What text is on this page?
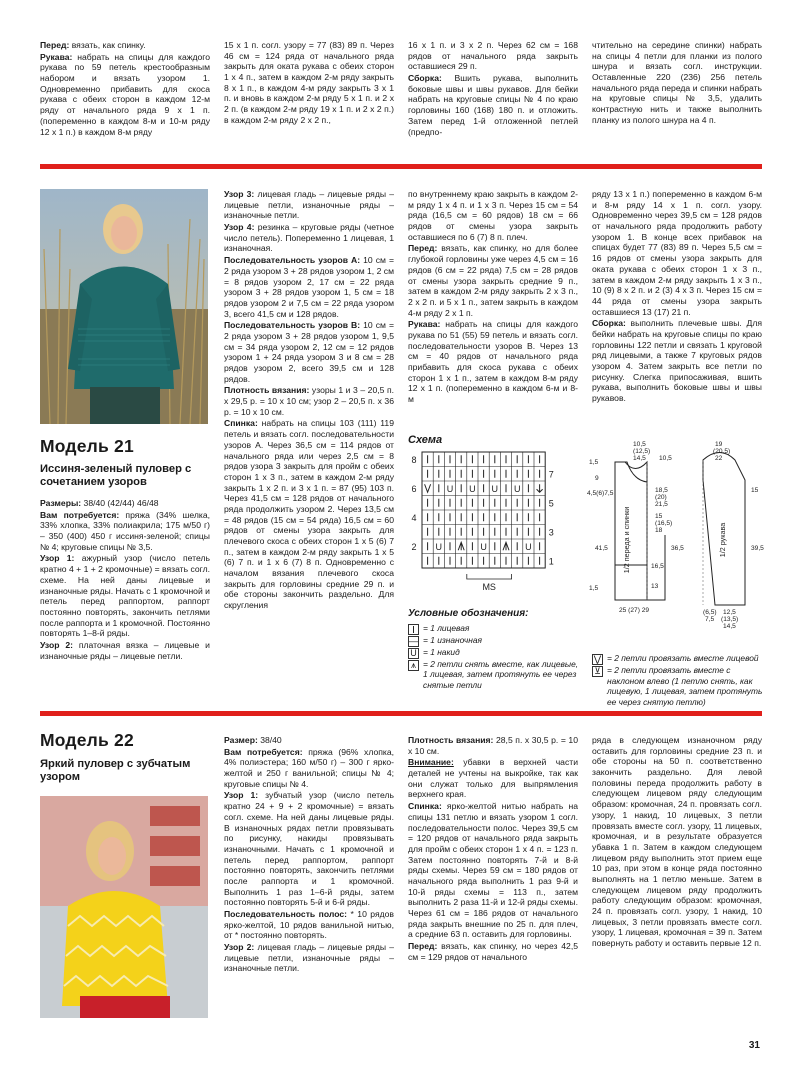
Перед: вязать, как спинку.

Рукава: набрать на спицы для каждого рукава по 59 петель крестообразным набором и вязать узором 1. Одновременно прибавить для скоса рукава с обеих сторон в каждом 12-м ряду от начального ряда 9 х 1 п. (попеременно в каждом 8-м и 10-м ряду 12 х 1 п.) в каждом 8-м ряду

15 х 1 п. согл. узору = 77 (83) 89 п. Через 46 см = 124 ряда от начального ряда закрыть для оката рукава с обеих сторон 1 х 4 п., затем в каждом 2-м ряду закрыть 8 х 1 п., в каждом 4-м ряду закрыть 3 х 1 п. и вновь в каждом 2-м ряду 5 х 1 п. и 2 х 2 п. (в каждом 2-м ряду 19 х 1 п. и 2 х 2 п.) в каждом 2-м ряду 2 х 2 п.,

16 х 1 п. и 3 х 2 п. Через 62 см = 168 рядов от начального ряда закрыть оставшиеся 29 п.

Сборка: Вшить рукава, выполнить боковые швы и швы рукавов. Для бейки набрать на круговые спицы № 4 по краю горловины 160 (168) 180 п. и отложить. Затем перед 1-й отложенной петлей (предпо-

чтительно на середине спинки) набрать на спицы 4 петли для планки из полого шнура и вязать согл. инструкции. Оставленные 220 (236) 256 петель начального ряда переда и спинки набрать на круговые спицы № 3,5, удалить контрастную нить и также выполнить планку из полого шнура на 4 п.
Модель 21
Иссиня-зеленый пуловер с сочетанием узоров

Размеры: 38/40 (42/44) 46/48

Вам потребуется: пряжа (34% шелка, 33% хлопка, 33% полиакрила; 175 м/50 г) – 350 (400) 450 г иссиня-зеленой; спицы № 4; круговые спицы № 3,5.

Узор 1: ажурный узор (число петель кратно 4 + 1 + 2 кромочные) = вязать согл. схеме. На ней даны лицевые и изнаночные ряды. Начать с 1 кромочной и петель перед раппортом, раппорт постоянно повторять, закончить петлями после раппорта и 1 кромочной. Постоянно повторять 1–8-й ряды.

Узор 2: платочная вязка – лицевые и изнаночные ряды – лицевые петли.

Узор 3: лицевая гладь – лицевые ряды – лицевые петли, изнаночные ряды – изнаночные петли.

Узор 4: резинка – круговые ряды (четное число петель). Попеременно 1 лицевая, 1 изнаночная.

Последовательность узоров А: 10 см = 2 ряда узором 3 + 28 рядов узором 1, 2 см = 8 рядов узором 2, 17 см = 22 ряда узором 3 + 28 рядов узором 1, 5 см = 18 рядов узором 2 и 7,5 см = 22 ряда узором 3, всего 41,5 см и 128 рядов.

Последовательность узоров В: 10 см = 2 ряда узором 3 + 28 рядов узором 1, 9,5 см = 34 ряда узором 2, 12 см = 12 рядов узором 1 + 24 ряда узором 3 и 8 см = 28 рядов узором 2, всего 39,5 см и 128 рядов.

Плотность вязания: узоры 1 и 3 – 20,5 п. х 29,5 р. = 10 х 10 см; узор 2 – 20,5 п. х 36 р. = 10 х 10 см.

Спинка: набрать на спицы 103 (111) 119 петель и вязать согл. последовательности узоров А. Через 36,5 см = 114 рядов от начального ряда или через 2,5 см = 8 рядов узора 3 закрыть для пройм с обеих сторон 1 х 3 п., затем в каждом 2-м ряду закрыть 1 х 2 п. и 3 х 1 п. = 87 (95) 103 п. Через 41,5 см = 128 рядов от начального ряда продолжить узором 2. Через 13,5 см = 48 рядов (15 см = 54 ряда) 16,5 см = 60 рядов от смены узора закрыть для плечевого скоса с обеих сторон 1 х 5 (6) 7 п., затем в каждом 2-м ряду закрыть 1 х 5 (6) 7 п. и 1 х 6 (7) 8 п. Одновременно с началом вязания плечевого скоса закрыть для горловины средние 29 п. и обе стороны закончить раздельно. Для скругления

по внутреннему краю закрыть в каждом 2-м ряду 1 х 4 п. и 1 х 3 п. Через 15 см = 54 ряда (16,5 см = 60 рядов) 18 см = 66 рядов от смены узора закрыть оставшиеся по 6 (7) 8 п. плеч.

Перед: вязать, как спинку, но для более глубокой горловины уже через 4,5 см = 16 рядов (6 см = 22 ряда) 7,5 см = 28 рядов от смены узора закрыть средние 9 п., затем в каждом 2-м ряду закрыть 2 х 3 п., 2 х 2 п. и 5 х 1 п., затем закрыть в каждом 4-м ряду 2 х 1 п.

Рукава: набрать на спицы для каждого рукава по 51 (55) 59 петель и вязать согл. последовательности узоров В. Через 13 см = 40 рядов от начального ряда прибавить для скоса рукава с обеих сторон 1 х 1 п., затем в каждом 8-м ряду 12 х 1 п. (попеременно в каждом 6-м и 8-м

ряду 13 х 1 п.) попеременно в каждом 6-м и 8-м ряду 14 х 1 п. согл. узору. Одновременно через 39,5 см = 128 рядов от начального ряда продолжить работу узором 1. В конце всех прибавок на спицах будет 77 (83) 89 п. Через 5,5 см = 16 рядов от смены узора закрыть для оката рукава с обеих сторон 1 х 3 п., затем в каждом 2-м ряду закрыть 1 х 3 п., 10 (9) 8 х 2 п. и 2 (3) 4 х 3 п. Через 15 см = 44 ряда от смены узора закрыть оставшиеся 13 (17) 21 п.

Сборка: выполнить плечевые швы. Для бейки набрать на круговые спицы по краю горловины 122 петли и связать 1 круговой ряд лицевыми, а также 7 круговых рядов узором 4. Затем закрыть все петли по рисунку. Слегка припосаживая, вшить рукава, выполнить боковые швы и швы рукавов.

Схема
U U U U
U	U	U
8
7
6
5
4
3
2
1
MS
Условные обозначения:
= 1 лицевая
— = 1 изнаночная
U = 1 накид
⩚ = 2 петли снять вместе, как лицевые, 1 лицевая, затем протянуть ее через снятые петли
10,5
(12,5)
14,5 10,5
1,5
9
4,5(6)7,5	18,5
(20)
21,5
15
(16,5)
18
41,5	36,5
16,5
13
25 (27) 29
1,5
19
(20,5)
22
15
39,5
(6,5)
7,5
12,5
(13,5)
14,5
1/2 переда и спинки	1/2 рукава
⋁ = 2 петли провязать вместе лицевой
⊻ = 2 петли провязать вместе с наклоном влево (1 петлю снять, как лицевую, 1 лицевая, затем протянуть ее через снятую петлю)
Модель 22
Яркий пуловер с зубчатым узором

Размер: 38/40

Вам потребуется: пряжа (96% хлопка, 4% полиэстера; 160 м/50 г) – 300 г ярко-желтой и 250 г ванильной; спицы № 4; круговые спицы № 4.

Узор 1: зубчатый узор (число петель кратно 24 + 9 + 2 кромочные) = вязать согл. схеме. На ней даны лицевые ряды. В изнаночных рядах петли провязывать по рисунку, накиды провязывать изнаночными. Начать с 1 кромочной и петель перед раппортом, раппорт постоянно повторять, закончить петлями после раппорта и 1 кромочной. Выполнить 1 раз 1–6-й ряды, затем постоянно повторять 5-й и 6-й ряды.

Последовательность полос: * 10 рядов ярко-желтой, 10 рядов ванильной нитью, от * постоянно повторять.

Узор 2: лицевая гладь – лицевые ряды – лицевые петли, изнаночные ряды – изнаночные петли.

Плотность вязания: 28,5 п. х 30,5 р. = 10 х 10 см.

Внимание: убавки в верхней части деталей не учтены на выкройке, так как они служат только для выпрямления верхнего края.

Спинка: ярко-желтой нитью набрать на спицы 131 петлю и вязать узором 1 согл. последовательности полос. Через 39,5 см = 120 рядов от начального ряда закрыть для пройм с обеих сторон 1 х 4 п. = 123 п. Затем постоянно повторять 7-й и 8-й ряды схемы. Через 59 см = 180 рядов от начального ряда выполнить 1 раз 9-й и 10-й ряды схемы = 113 п., затем выполнить 2 раза 11-й и 12-й ряды схемы. Через 61 см = 186 рядов от начального ряда закрыть внешние по 25 п. для плеч, а средние 63 п. оставить для горловины.

Перед: вязать, как спинку, но через 42,5 см = 129 рядов от начального

ряда в следующем изнаночном ряду оставить для горловины средние 23 п. и обе стороны на 50 п. соответственно закончить раздельно. Для левой половины переда продолжить работу в следующем лицевом ряду следующим образом: кромочная, 24 п. провязать согл. узору, 1 накид, 10 лицевых, 3 петли провязать вместе согл. узору, 11 лицевых, кромочная, и в результате образуется убавка 1 п. Затем в каждом следующем лицевом ряду выполнить этот прием еще 10 раз, при этом в конце ряда постоянно выполнять на 1 петлю меньше. Затем в следующем лицевом ряду продолжить работу следующим образом: кромочная, 24 п. провязать согл. узору, 1 накид, 10 лицевых, 3 петли провязать вместе согл. узору, 1 лицевая, кромочная = 39 п. Затем повернуть работу и оставить первые 12 п.
31
